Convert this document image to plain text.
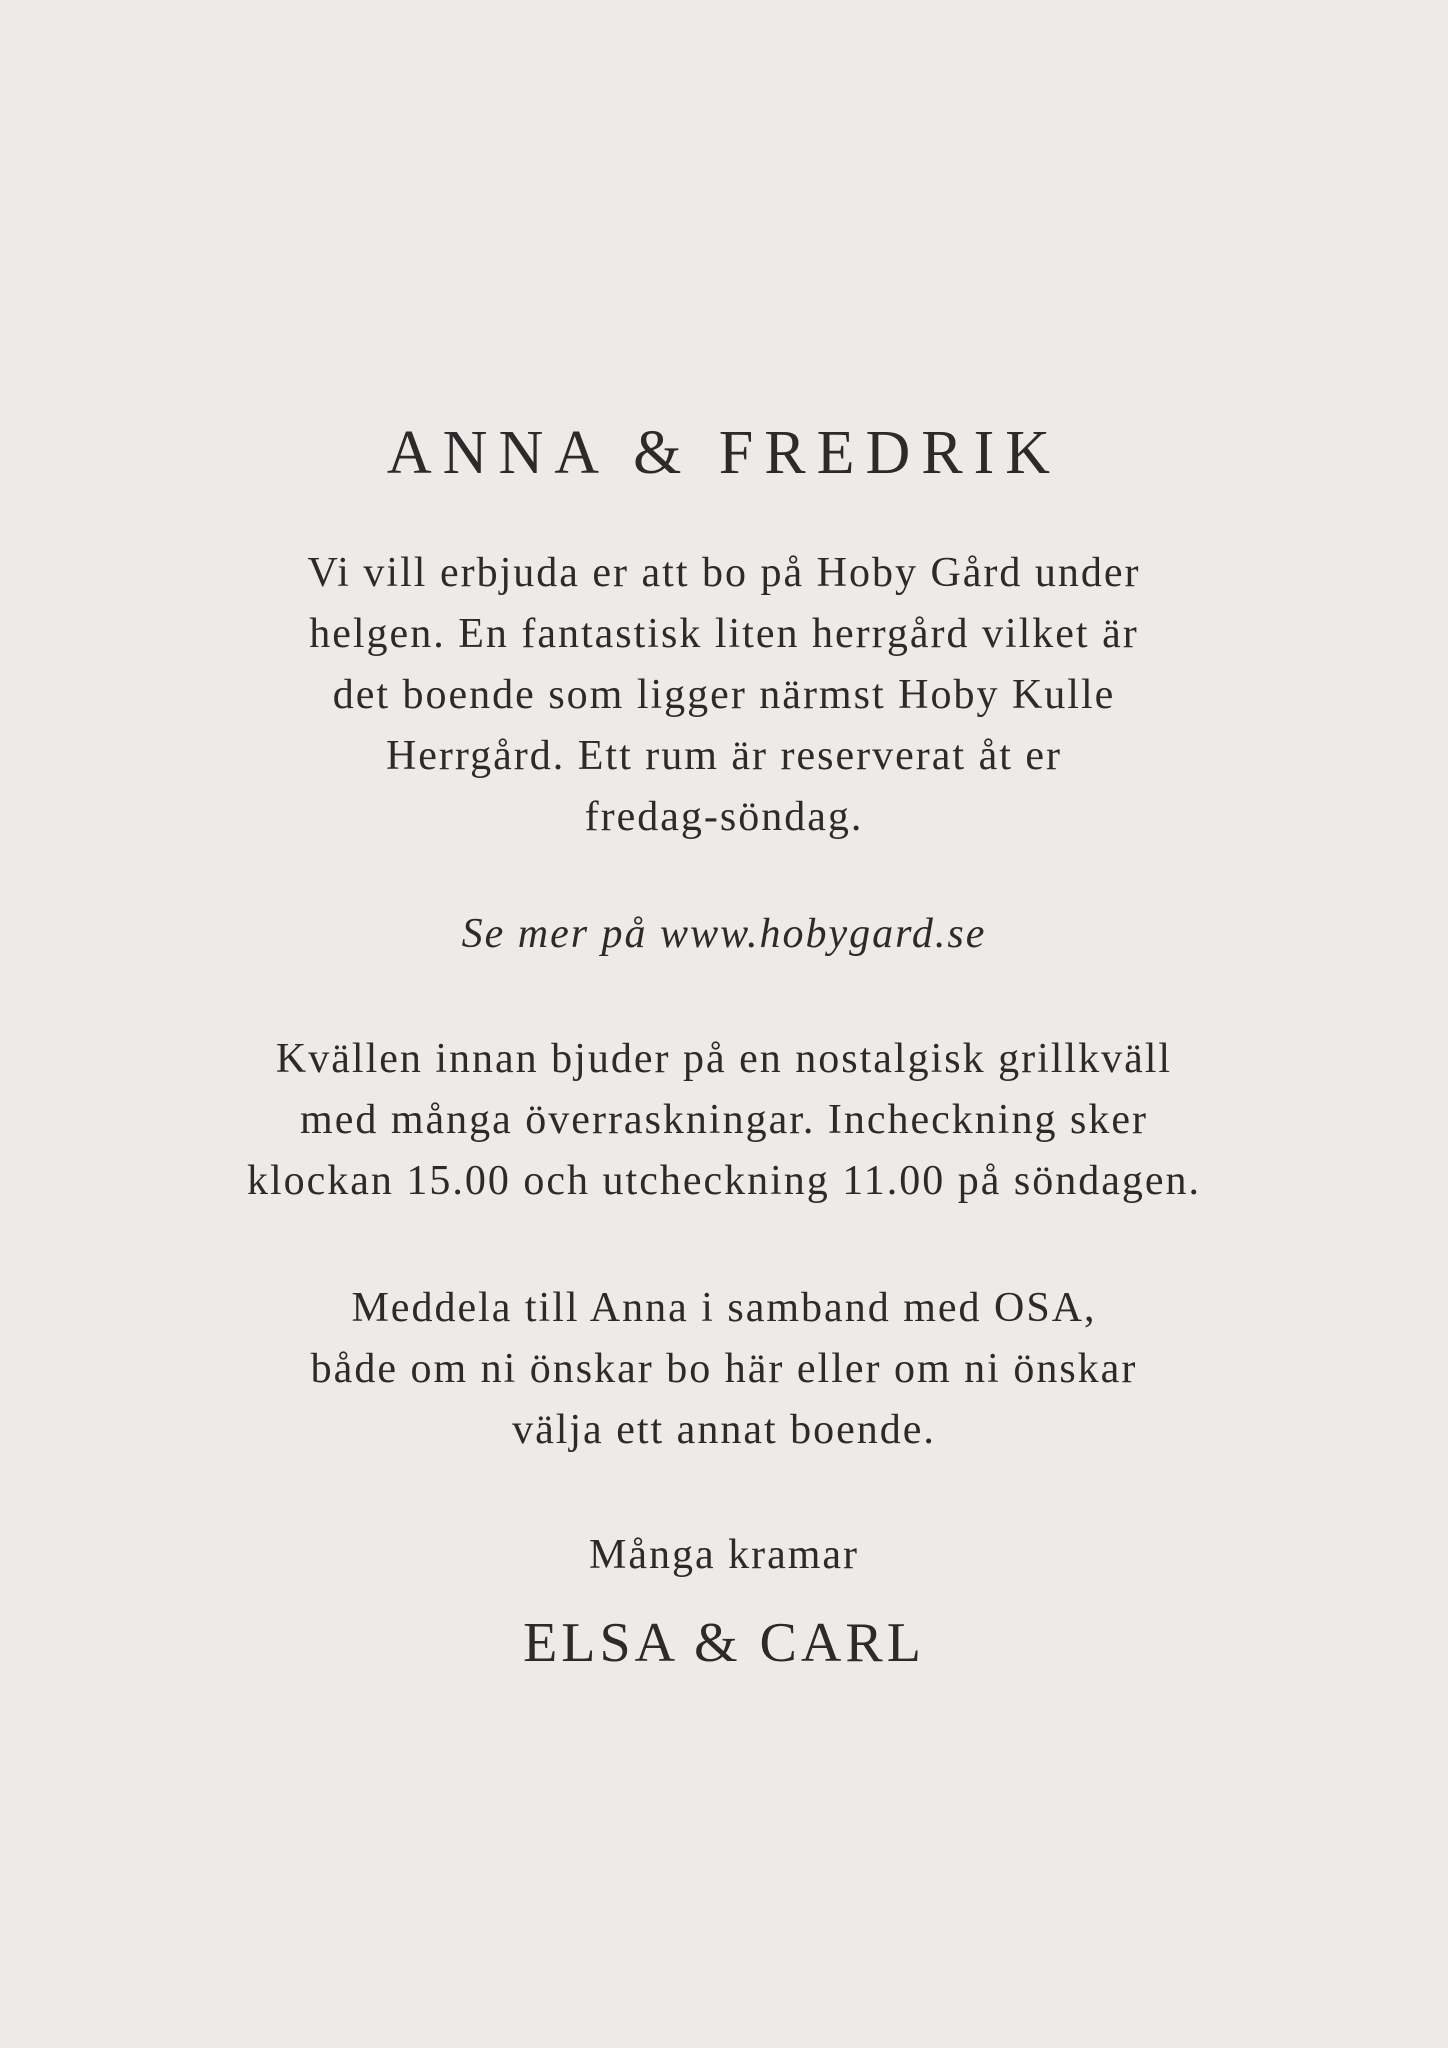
ANNA & FREDRIK

Vi vill erbjuda er att bo på Hoby Gård under
helgen. En fantastisk liten herrgård vilket är
det boende som ligger närmst Hoby Kulle
Herrgård. Ett rum är reserverat åt er
fredag-söndag.

Se mer på www.hobygard.se

Kvällen innan bjuder på en nostalgisk grillkväll
med många överraskningar. Incheckning sker
klockan 15.00 och utcheckning 11.00 på söndagen.

Meddela till Anna i samband med OSA,
både om ni önskar bo här eller om ni önskar
välja ett annat boende.

Många kramar

ELSA & CARL
